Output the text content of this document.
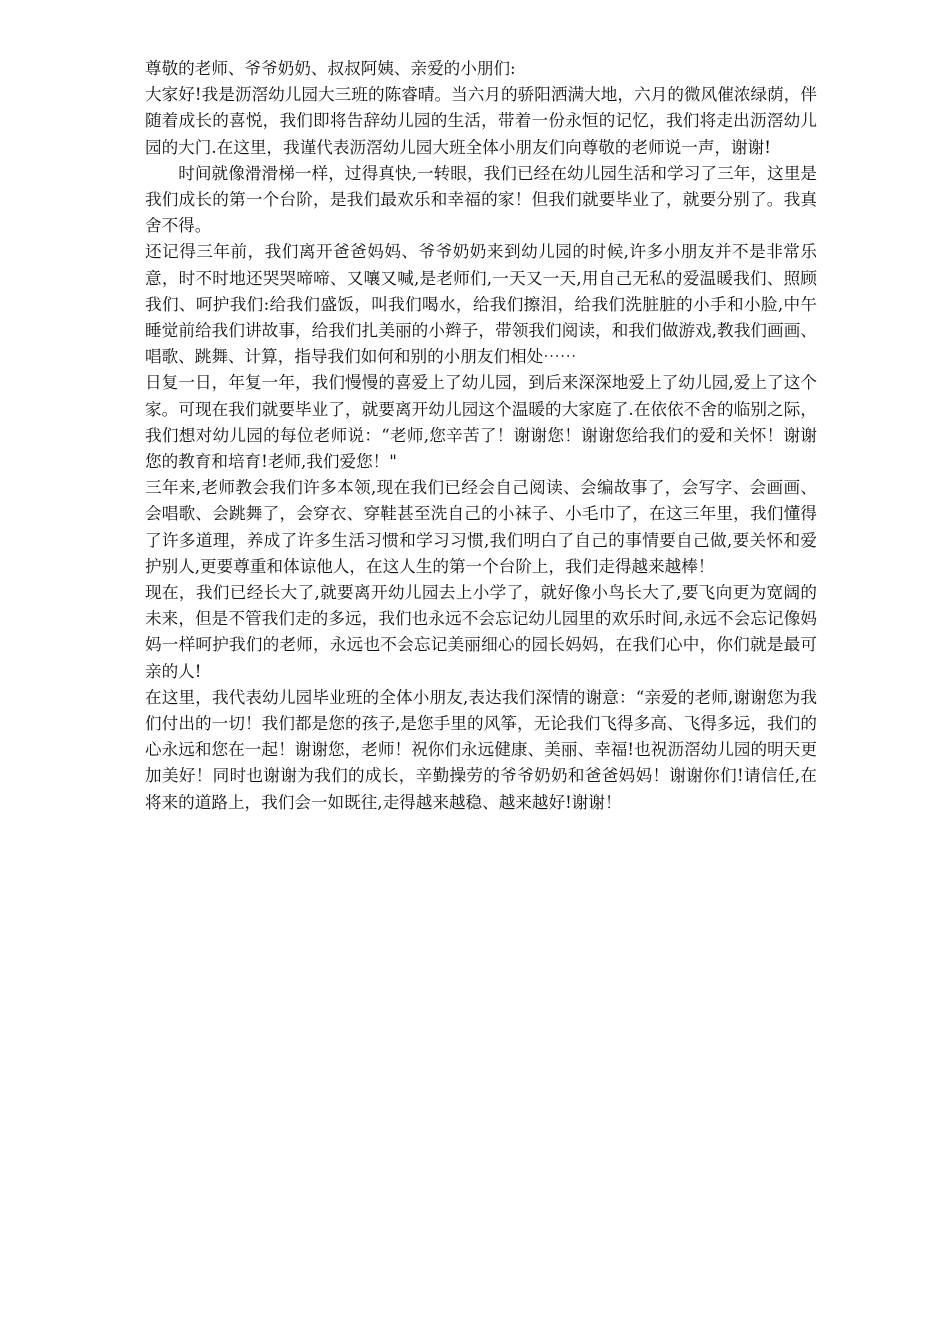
尊敬的老师、爷爷奶奶、叔叔阿姨、亲爱的小朋们:

大家好!我是沥滘幼儿园大三班的陈睿晴。当六月的骄阳洒满大地，六月的微风催浓绿荫，伴随着成长的喜悦，我们即将告辞幼儿园的生活，带着一份永恒的记忆，我们将走出沥滘幼儿园的大门.在这里，我谨代表沥滘幼儿园大班全体小朋友们向尊敬的老师说一声，谢谢!

时间就像滑滑梯一样，过得真快,一转眼，我们已经在幼儿园生活和学习了三年，这里是我们成长的第一个台阶，是我们最欢乐和幸福的家！但我们就要毕业了，就要分别了。我真舍不得。

还记得三年前，我们离开爸爸妈妈、爷爷奶奶来到幼儿园的时候,许多小朋友并不是非常乐意，时不时地还哭哭啼啼、又嚷又喊,是老师们,一天又一天,用自己无私的爱温暖我们、照顾我们、呵护我们:给我们盛饭，叫我们喝水，给我们擦泪，给我们洗脏脏的小手和小脸,中午睡觉前给我们讲故事，给我们扎美丽的小辫子，带领我们阅读，和我们做游戏,教我们画画、唱歌、跳舞、计算，指导我们如何和别的小朋友们相处⋯⋯

日复一日，年复一年，我们慢慢的喜爱上了幼儿园，到后来深深地爱上了幼儿园,爱上了这个家。可现在我们就要毕业了，就要离开幼儿园这个温暖的大家庭了.在依依不舍的临别之际，我们想对幼儿园的每位老师说：“老师,您辛苦了！谢谢您！谢谢您给我们的爱和关怀！谢谢您的教育和培育!老师,我们爱您！"

三年来,老师教会我们许多本领,现在我们已经会自己阅读、会编故事了，会写字、会画画、会唱歌、会跳舞了，会穿衣、穿鞋甚至洗自己的小袜子、小毛巾了，在这三年里，我们懂得了许多道理，养成了许多生活习惯和学习习惯,我们明白了自己的事情要自己做,要关怀和爱护别人,更要尊重和体谅他人，在这人生的第一个台阶上，我们走得越来越棒！

现在，我们已经长大了,就要离开幼儿园去上小学了，就好像小鸟长大了,要飞向更为宽阔的未来，但是不管我们走的多远，我们也永远不会忘记幼儿园里的欢乐时间,永远不会忘记像妈妈一样呵护我们的老师，永远也不会忘记美丽细心的园长妈妈，在我们心中，你们就是最可亲的人!

在这里，我代表幼儿园毕业班的全体小朋友,表达我们深情的谢意：“亲爱的老师,谢谢您为我们付出的一切！我们都是您的孩子,是您手里的风筝，无论我们飞得多高、飞得多远，我们的心永远和您在一起！谢谢您，老师！祝你们永远健康、美丽、幸福!也祝沥滘幼儿园的明天更加美好！同时也谢谢为我们的成长，辛勤操劳的爷爷奶奶和爸爸妈妈！谢谢你们!请信任,在将来的道路上，我们会一如既往,走得越来越稳、越来越好!谢谢！
